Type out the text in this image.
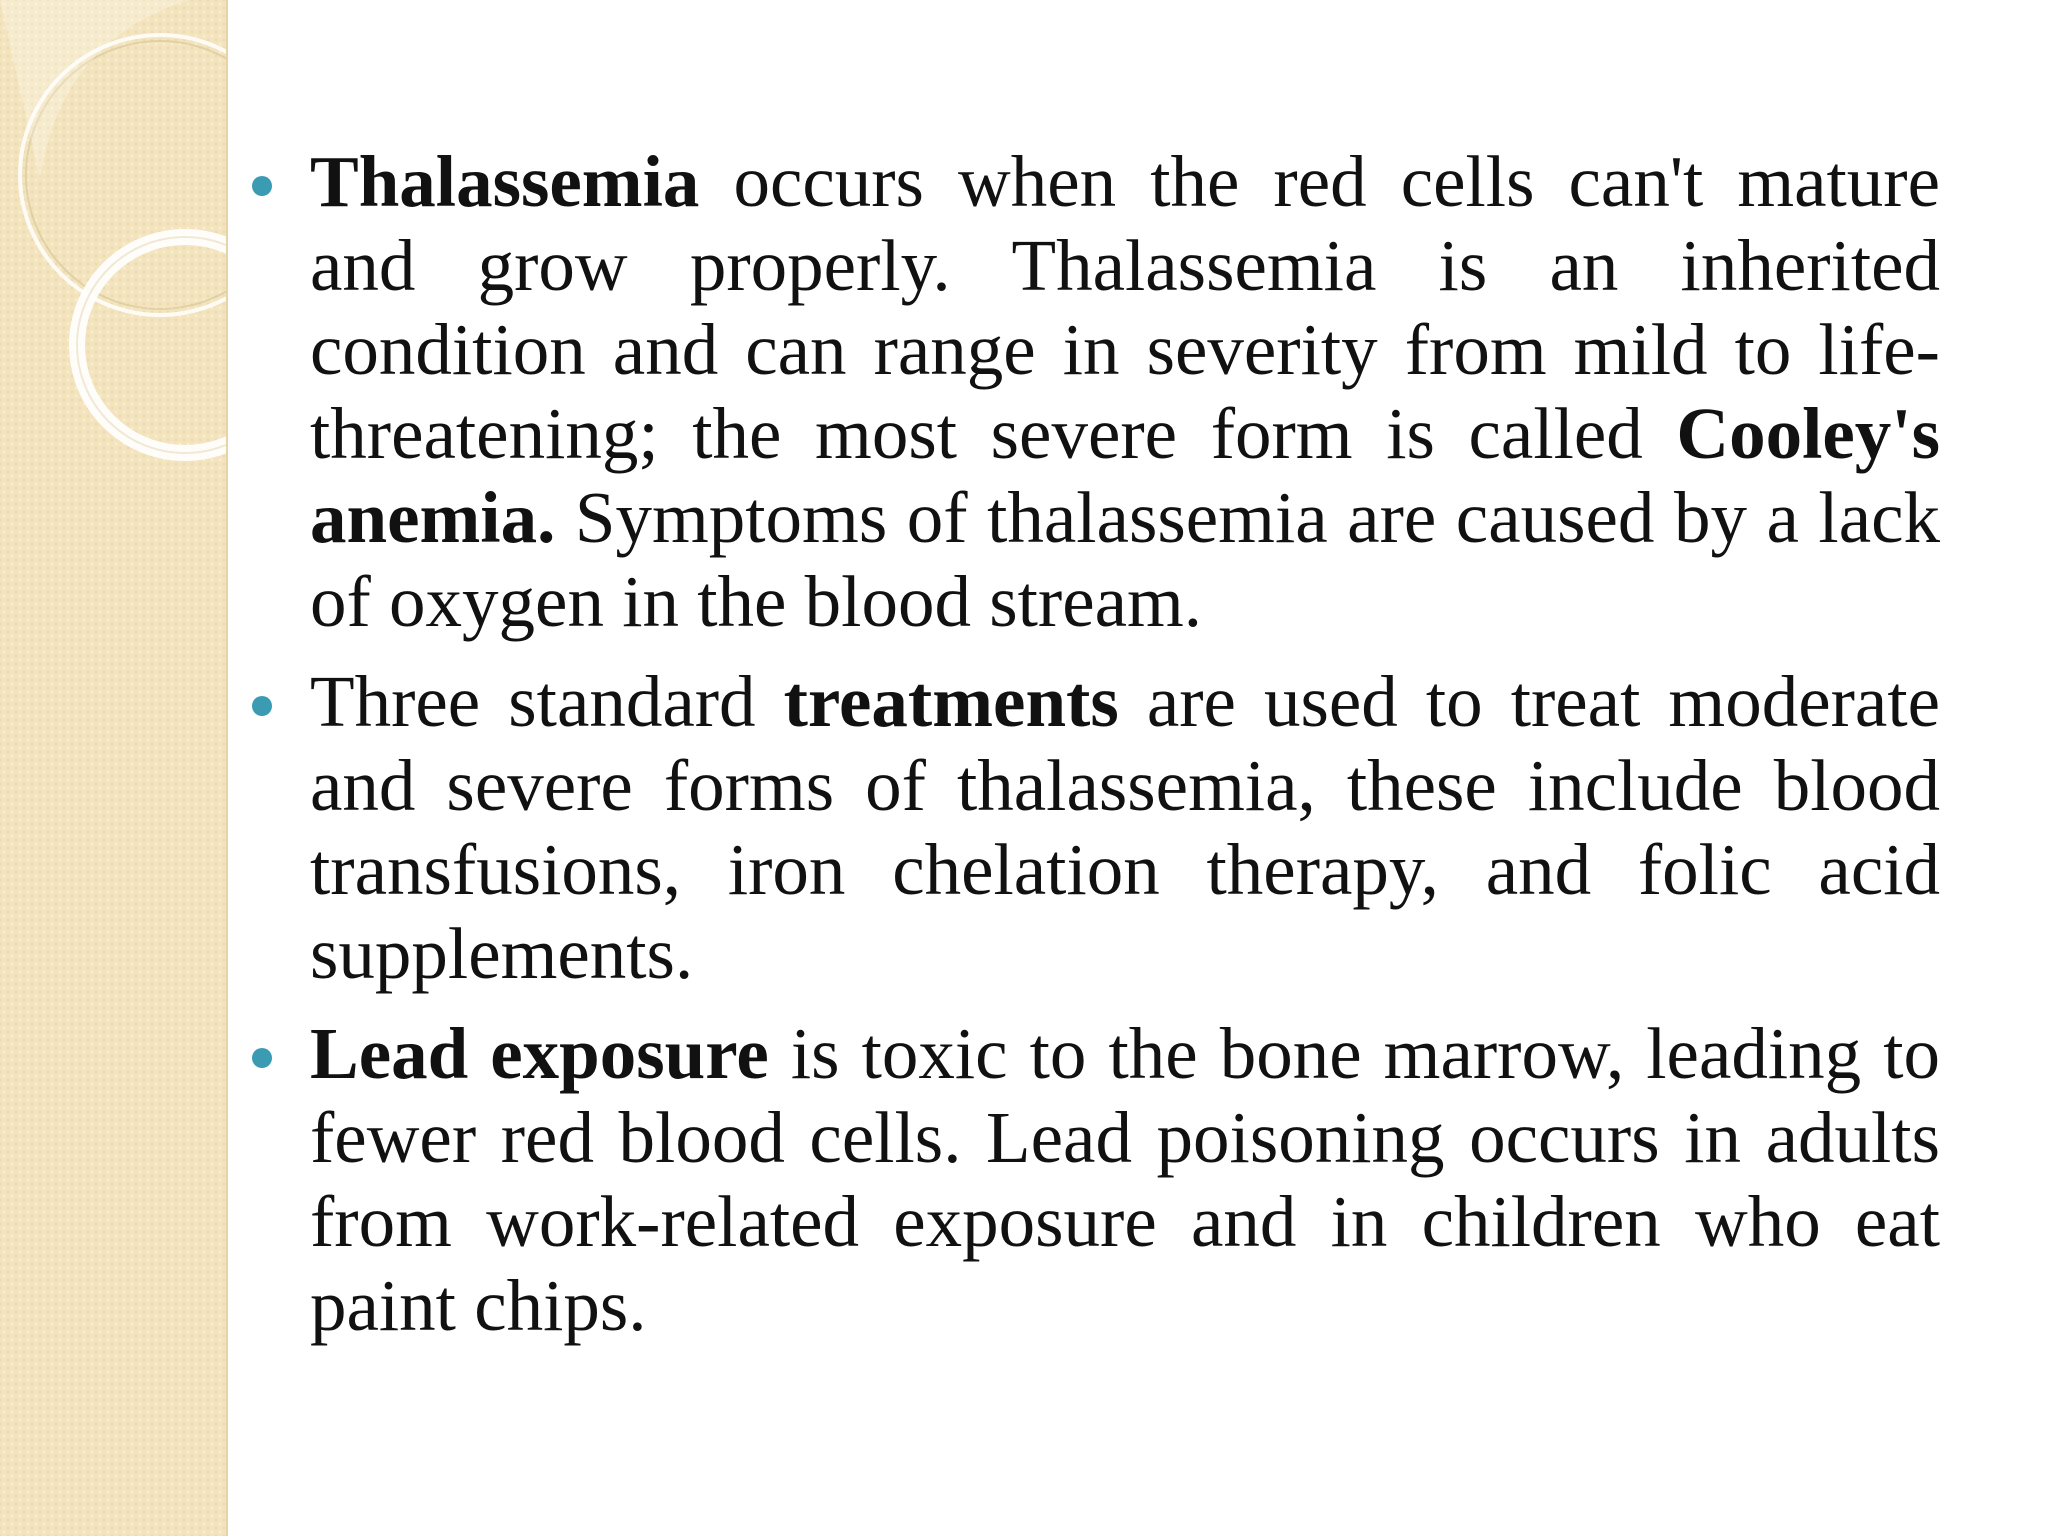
Thalassemia occurs when the red cells can't mature and grow properly. Thalassemia is an inherited condition and can range in severity from mild to life-threatening; the most severe form is called Cooley's anemia. Symptoms of thalassemia are caused by a lack of oxygen in the blood stream.
Three standard treatments are used to treat moderate and severe forms of thalassemia, these include blood transfusions, iron chelation therapy, and folic acid supplements.
Lead exposure is toxic to the bone marrow, leading to fewer red blood cells. Lead poisoning occurs in adults from work-related exposure and in children who eat paint chips.
